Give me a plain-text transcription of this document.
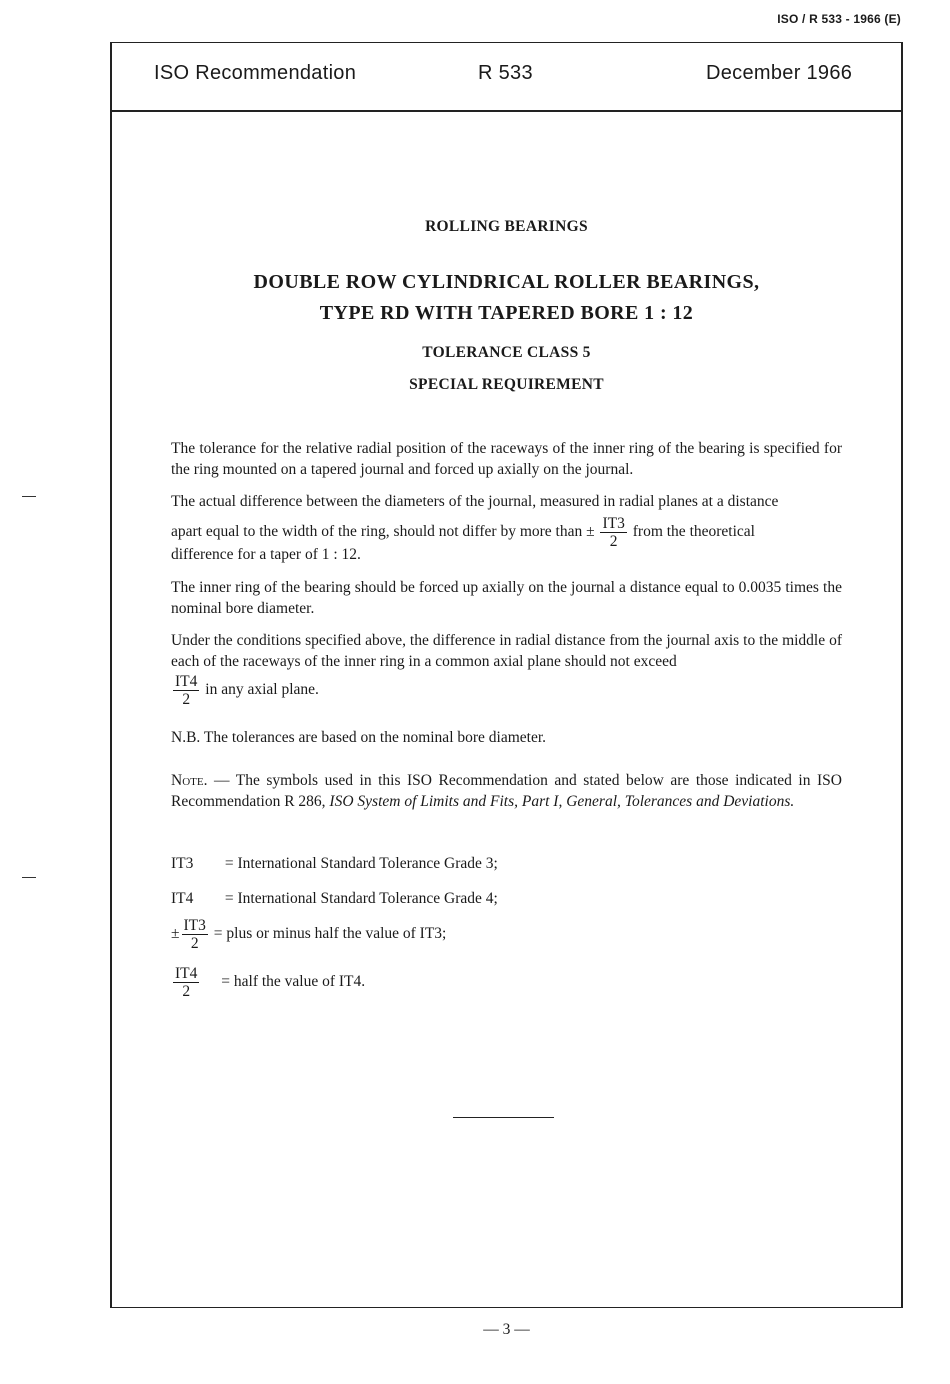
ISO / R 533 - 1966 (E)
ISO Recommendation	R 533	December 1966
ROLLING BEARINGS
DOUBLE ROW CYLINDRICAL ROLLER BEARINGS,
TYPE RD WITH TAPERED BORE 1 : 12
TOLERANCE CLASS 5
SPECIAL REQUIREMENT
The tolerance for the relative radial position of the raceways of the inner ring of the bearing is specified for the ring mounted on a tapered journal and forced up axially on the journal.
The actual difference between the diameters of the journal, measured in radial planes at a distance
apart equal to the width of the ring, should not differ by more than ± $\frac{IT3}{2}$ from the theoretical
difference for a taper of 1 : 12.
The inner ring of the bearing should be forced up axially on the journal a distance equal to 0.0035 times the nominal bore diameter.
Under the conditions specified above, the difference in radial distance from the journal axis to the middle of each of the raceways of the inner ring in a common axial plane should not exceed
$\frac{IT4}{2}$ in any axial plane.
N.B. The tolerances are based on the nominal bore diameter.
Note. — The symbols used in this ISO Recommendation and stated below are those indicated in ISO Recommendation R 286, ISO System of Limits and Fits, Part I, General, Tolerances and Deviations.
IT3 = International Standard Tolerance Grade 3;
IT4 = International Standard Tolerance Grade 4;
± $\frac{IT3}{2}$ = plus or minus half the value of IT3;
$\frac{IT4}{2}$ = half the value of IT4.
— 3 —
